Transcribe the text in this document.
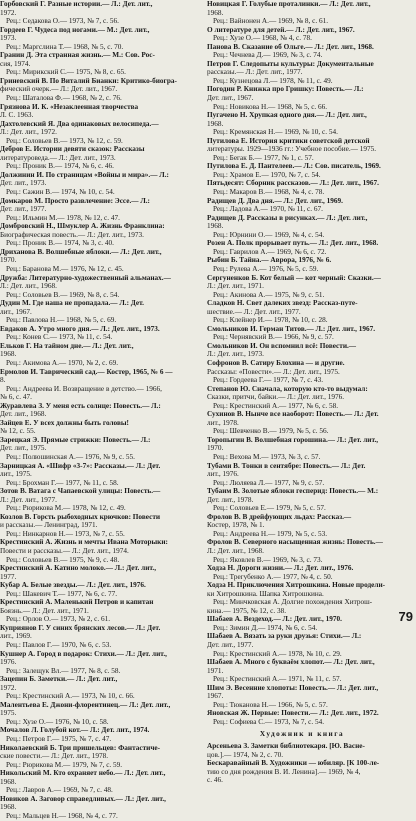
Горбовский Г. Разные истории.— Л.: Дет. лит.,
1972.
Рец.: Седакова О.— 1973, № 7, с. 56.
Гордеев Г. Чудеса под ногами.— М.: Дет. лит.,
1973.
Рец.: Маргслина Т.— 1968, № 5, с. 70.
Гранин Д. Эта странная жизнь.— М.: Сов. Рос-
сия, 1974.
Рец.: Мирикский С.— 1975, № 8, с. 65.
Гриневский В. По Виталий Бианки: Критико-биогра-
фический очерк.— Л.: Дет. лит., 1967.
Рец.: Шаталова Ф.— 1968, № 2, с. 76.
Грязнова И. К. «Незаклеенная творчества
Л. С. 1963.
Дахтолевский Я. Два одинаковых велосипеда.—
Л.: Дет. лит., 1972.
Рец.: Соловьев В.— 1973, № 12, с. 59.
Дебров Е. Истории девяти сказок: Рассказы
литературоведа.— Л.: Дет. лит., 1973.
Рец.: Проник В.— 1974, № 6, с. 46.
Должинин И. По страницам «Войны и мира».— Л.:
Дет. лит., 1973.
Рец.: Сажин В.— 1974, № 10, с. 54.
Домкаров М. Просто развлечение: Эссе.— Л.:
Дет. лит., 1977.
Рец.: Ильмин М.— 1978, № 12, с. 47.
Домбровский Н., Шмуклер А. Жизнь Франклина:
Биографическая повесть.— Л.: Дет. лит., 1973.
Рец.: Проник В.— 1974, № 3, с. 40.
Дриханова В. Волшебные яблоки.— Л.: Дет. лит.,
1970.
Рец.: Баранова М.— 1976, № 12, с. 45.
Дружба: Литературно-художественный альманах.—
Л.: Дет. лит., 1968.
Рец.: Соловьев В.— 1969, № 8, с. 54.
Дудин М. Где наша не пропадала.— Л.: Дет.
лит., 1967.
Рец.: Павлова Н.— 1968, № 5, с. 69.
Евдаков А. Утро много дня.— Л.: Дет. лит., 1973.
Рец.: Конев С.— 1973, № 11, с. 54.
Ельков Г. На тайном дне.— Л.: Дет. лит.,
1968.
Рец.: Акимова А.— 1970, № 2, с. 69.
Ермолов И. Таврический сад.— Костер, 1965, № 6 —
8.
Рец.: Андреева И. Возвращение в детство.— 1966,
№ 6, с. 47.
Журавлева З. У меня есть солнце: Повесть.— Л.:
Дет. лит., 1968.
Зайцев Е. У всех должны быть головы!
№ 12, с. 55.
Зарецкая Э. Прямые стрижки: Повесть.— Л.:
Дет. лит., 1975.
Рец.: Полюшинская А.— 1976, № 9, с. 55.
Зарницкая А. «Шифр «3-7»: Рассказы.— Л.: Дет.
лит., 1975.
Рец.: Брохман Г.— 1977, № 11, с. 58.
Зотов В. Ватага с Чапаевской улицы: Повесть.—
Л.: Дет. лит., 1977.
Рец.: Рюрикова М.— 1978, № 12, с. 49.
Козлов В. Горсть рыбоходных крючков: Повести
и рассказы.— Ленинград, 1971.
Рец.: Нинкарнов Н.— 1973, № 7, с. 55.
Крестинский А. Жизнь и мечты Ивана Моторыки:
Повести и рассказы.— Л.: Дет. лит., 1974.
Рец.: Соловьев В.— 1975, № 9, с. 48.
Крестинский А. Катино молоко.— Л.: Дет. лит.,
1977.
Кубар А. Белые звезды.— Л.: Дет. лит., 1976.
Рец.: Шакевич Т.— 1977, № 6, с. 77.
Крестинский А. Маленький Петров и капитан
Боязнь.— Л.: Дет. лит., 1971.
Рец.: Орлов О.— 1973, № 2, с. 61.
Куприянов Г. У синих брянских лесов.— Л.: Дет.
лит., 1969.
Рец.: Павлов Г.— 1970, № 6, с. 53.
Кушнер А. Город в подарок: Стихи.— Л.: Дет. лит.,
1976.
Рец.: Залещук Вл.— 1977, № 8, с. 58.
Зацепин Б. Заметки.— Л.: Дет. лит.,
1972.
Рец.: Крестинский А.— 1973, № 10, с. 66.
Малентьева Е. Джони-флорентинец.— Л.: Дет. лит.,
1975.
Рец.: Хузе О.— 1976, № 10, с. 58.
Мочалов Л. Голубой кот.— Л.: Дет. лит., 1974.
Рец.: Петров Г.— 1975, № 7, с. 47.
Николаевский Б. Три пришельцев: Фантастиче-
ские повести.— Л.: Дет. лит., 1978.
Рец.: Рюрикова М.— 1979, № 7, с. 59.
Никольский М. Кто охраняет небо.— Л.: Дет. лит.,
1968.
Рец.: Лавров А.— 1969, № 7, с. 48.
Новиков А. Заговор справедливых.— Л.: Дет. лит.,
1968.
Рец.: Мальцев Н.— 1968, № 4, с. 77.
Новицкая Г. Голубые проталинки.— Л.: Дет. лит.,
1968.
Рец.: Вайнонен А.— 1969, № 8, с. 61.
О литературе для детей.— Л.: Дет. лит., 1967.
Рец.: Хузе О.— 1968, № 4, с. 78.
Панова В. Сказание об Ольге.— Л.: Дет. лит., 1968.
Рец.: Чечнева Д.— 1969, № 3, с. 74.
Петров Г. Следопыты культуры: Документальные
рассказы.— Л.: Дет. лит., 1977.
Рец.: Кузнецова Л.— 1978, № 11, с. 49.
Погодин Р. Книжка про Гришку: Повесть.— Л.:
Дет. лит., 1967.
Рец.: Новикова Н.— 1968, № 5, с. 66.
Пугачено Н. Хрупкая одного дня.— Л.: Дет. лит.,
1968.
Рец.: Кремянская Н.— 1969, № 10, с. 54.
Путилова Е. История критики советской детской
литературы. 1929—1936 гг.: Учебное пособие.— 1975.
Рец.: Бегак Б.— 1977, № 1, с. 57.
Путилова Е. Д. Пантелеев.— Л.: Сов. писатель, 1969.
Рец.: Храмов Е.— 1970, № 7, с. 54.
Пятьдесят: Сборник рассказов.— Л.: Дет. лит., 1967.
Рец.: Макаров В.— 1968, № 4, с. 78.
Радищев Д. Два дня.— Л.: Дет. лит., 1969.
Рец.: Ладова А.— 1970, № 11, с. 67.
Радищев Д. Рассказы в рисунках.— Л.: Дет. лит.,
1968.
Рец.: Юрнини О.— 1969, № 4, с. 54.
Розен А. Полк прорывает путь.— Л.: Дет. лит., 1968.
Рец.: Гаврилов А.— 1969, № 6, с. 72.
Рыбин Б. Тайна.— Аврора, 1976, № 6.
Рец.: Рулева А.— 1976, № 5, с. 59.
Сергуненков Б. Кот белый — кот черный: Сказки.—
Л.: Дет. лит., 1971.
Рец.: Акинова А.— 1975, № 9, с. 51.
Сладков Н. Свет далеких звезд: Рассказ-путе-
шествие.— Л.: Дет. лит., 1977.
Рец.: Клейнер И.— 1978, № 10, с. 28.
Смольников И. Герман Титов.— Л.: Дет. лит., 1967.
Рец.: Чернявский В.— 1966, № 9, с. 57.
Смольников И. Он вспомнил всё: Повести.—
Л.: Дет. лит., 1973.
Софронов В. Сатиру Блохина — и другие.
Рассказы: «Повести».— Л.: Дет. лит., 1975.
Рец.: Гордеева Г.— 1977, № 7, с. 43.
Степанов Ю. Сначала, которую кто-то выдумал:
Сказки, притчи, байки.— Л.: Дет. лит., 1976.
Рец.: Крестинский А.— 1977, № 6, с. 58.
Сухинов В. Нынче все наоборот: Повесть.— Л.: Дет.
лит., 1978.
Рец.: Шевченко В.— 1979, № 5, с. 56.
Торопыгин В. Волшебная горошина.— Л.: Дет. лит.,
1970.
Рец.: Вехова М.— 1973, № 3, с. 57.
Тубами В. Тонки в сентябре: Повесть.— Л.: Дет.
лит., 1976.
Рец.: Люляева Л.— 1977, № 9, с. 57.
Тубаим В. Золотые яблоки гесперид: Повесть.— М.:
Дет. лит., 1978.
Рец.: Соловьев Е.— 1979, № 5, с. 57.
Фролов В. В дрейфующих льдах: Рассказ.—
Костер, 1978, № 1.
Рец.: Андреева Н.— 1979, № 5, с. 53.
Фролов В. Северного насыщенная жизнь: Повесть.—
Л.: Дет. лит., 1968.
Рец.: Яковлев В.— 1969, № 3, с. 73.
Ходза Н. Дороги жизни.— Л.: Дет. лит., 1976.
Рец.: Трегубенко А.— 1977, № 4, с. 50.
Ходза Н. Приключения Хитрошкина. Новые продели-
ки Хитрошкина. Шапка Хитрошкина.
Рец.: Минчковская А. Долгие похождения Хитрош-
кина.— 1975, № 12, с. 38.
Шабаев А. Вездеход.— Л.: Дет. лит., 1970.
Рец.: Зимин Д.— 1974, № 6, с. 54.
Шабаев А. Вязать за руки друзья: Стихи.— Л.:
Дет. лит., 1977.
Рец.: Крестинский А.— 1978, № 10, с. 29.
Шабаев А. Много с букваём хлопот.— Л.: Дет. лит.,
1971.
Рец.: Крестинский А.— 1971, № 11, с. 57.
Шим Э. Весенние хлопоты: Повесть.— Л.: Дет. лит.,
1967.
Рец.: Тюканова Н.— 1966, № 5, с. 57.
Яновская Ж. Первые: Повести.— Л.: Дет. лит., 1972.
Рец.: Софиева С.— 1973, № 7, с. 54.
Художник и книга
Арсеньева З. Заметки библиотекаря. [Ю. Васне-
цов.].— 1974, № 2, с. 70.
Бескаравайный В. Художники — юбиляр. [К 100-ле-
тию со дня рождения В. И. Ленина].— 1969, № 4,
с. 46.
79
